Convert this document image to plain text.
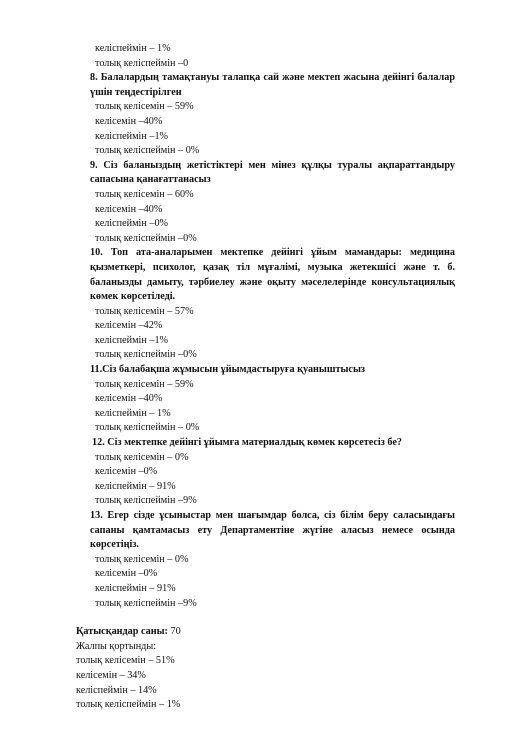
келіспеймін – 1%
толық келіспеймін –0
8. Балалардың тамақтануы талапқа сай және мектеп жасына дейінгі балалар үшін теңдестірілген
толық келісемін – 59%
келісемін –40%
келіспеймін –1%
толық келіспеймін – 0%
9. Сіз баланыздың жетістіктері мен мінез құлқы туралы ақпараттандыру сапасына қанағаттанасыз
толық келісемін – 60%
келісемін –40%
келіспеймін –0%
толық келіспеймін –0%
10. Топ ата-аналарымен мектепке дейінгі ұйым мамандары: медицина қызметкері, психолог, қазақ тіл мұғалімі, музыка жетекшісі және т. б. баланызды дамыту, тәрбиелеу және оқыту мәселелерінде консультациялық көмек көрсетіледі.
толық келісемін – 57%
келісемін –42%
келіспеймін –1%
толық келіспеймін –0%
11.Сіз балабақша жұмысын ұйымдастыруға қуаныштысыз
толық келісемін – 59%
келісемін –40%
келіспеймін – 1%
толық келіспеймін – 0%
12. Сіз мектепке дейінгі ұйымға материалдық көмек көрсетесіз бе?
толық келісемін – 0%
келісемін –0%
келіспеймін – 91%
толық келіспеймін –9%
13. Егер сізде ұсыныстар мен шағымдар болса, сіз білім беру саласындағы сапаны қамтамасыз ету Департаментіне жүгіне аласыз немесе осында көрсетіңіз.
толық келісемін – 0%
келісемін –0%
келіспеймін – 91%
толық келіспеймін –9%
Қатысқандар саны: 70
Жалпы қортынды:
толық келісемін – 51%
келісемін – 34%
келіспеймін – 14%
толық келіспеймін – 1%
